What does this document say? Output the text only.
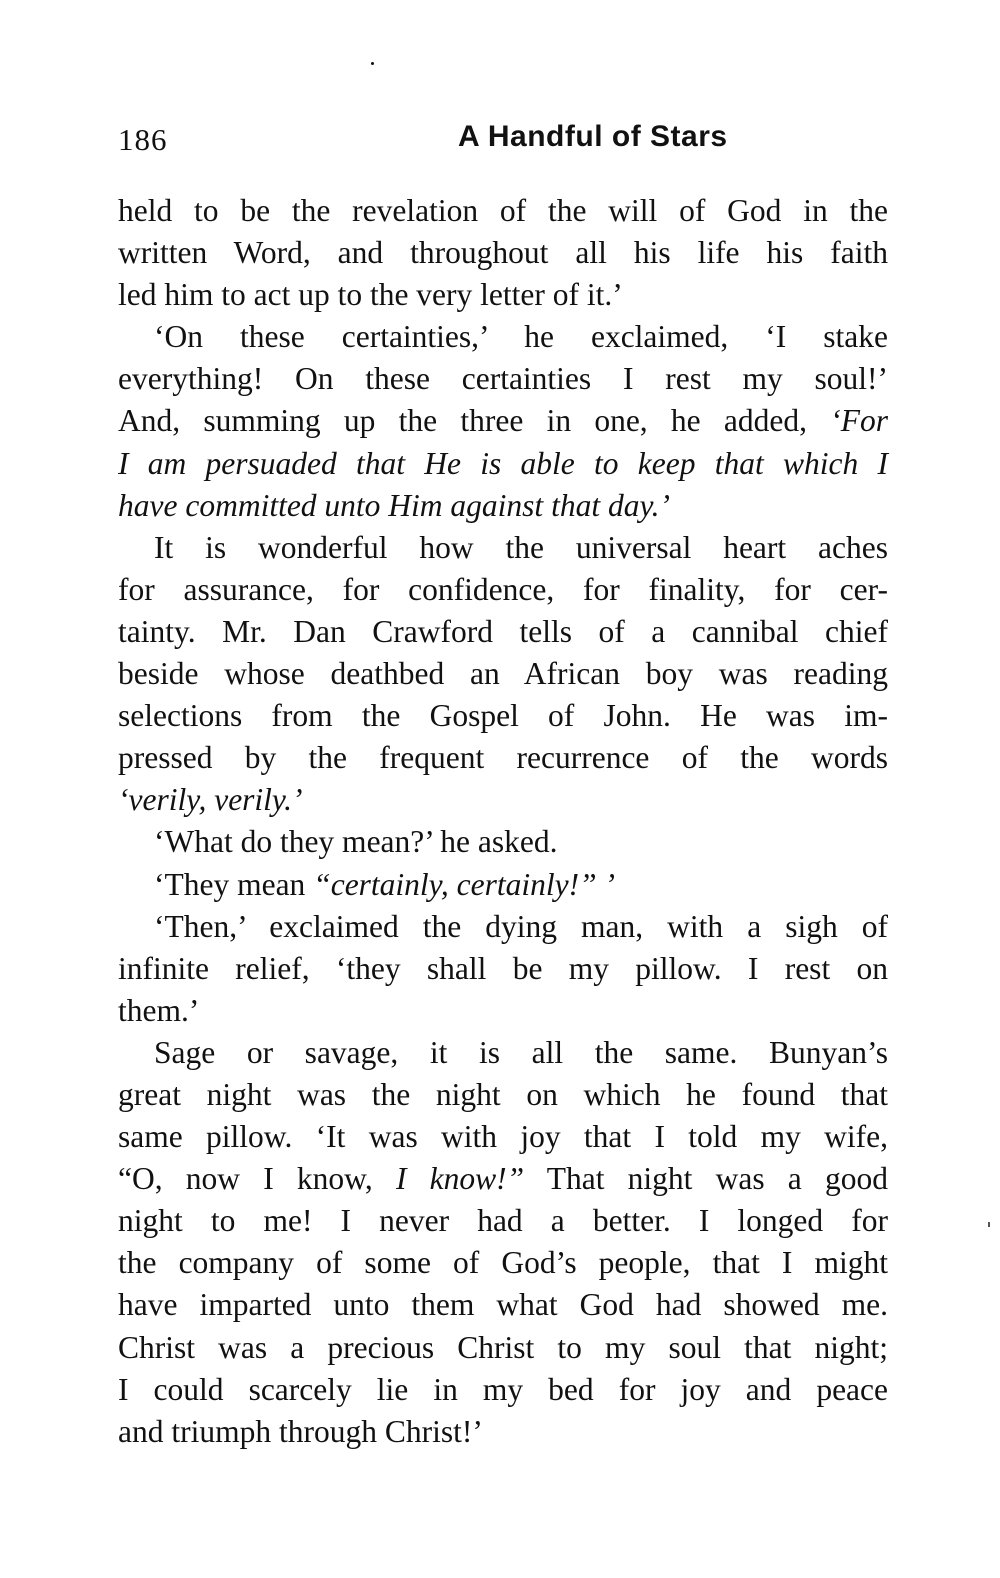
186	A Handful of Stars
held to be the revelation of the will of God in the
written Word, and throughout all his life his faith
led him to act up to the very letter of it.’
‘On these certainties,’ he exclaimed, ‘I stake
everything! On these certainties I rest my soul!’
And, summing up the three in one, he added, ‘For
I am persuaded that He is able to keep that which I
have committed unto Him against that day.’
It is wonderful how the universal heart aches
for assurance, for confidence, for finality, for cer-
tainty. Mr. Dan Crawford tells of a cannibal chief
beside whose deathbed an African boy was reading
selections from the Gospel of John. He was im-
pressed by the frequent recurrence of the words
‘verily, verily.’
‘What do they mean?’ he asked.
‘They mean “certainly, certainly!” ’
‘Then,’ exclaimed the dying man, with a sigh of
infinite relief, ‘they shall be my pillow. I rest on
them.’
Sage or savage, it is all the same. Bunyan’s
great night was the night on which he found that
same pillow. ‘It was with joy that I told my wife,
“O, now I know, I know!” That night was a good
night to me! I never had a better. I longed for
the company of some of God’s people, that I might
have imparted unto them what God had showed me.
Christ was a precious Christ to my soul that night;
I could scarcely lie in my bed for joy and peace
and triumph through Christ!’
